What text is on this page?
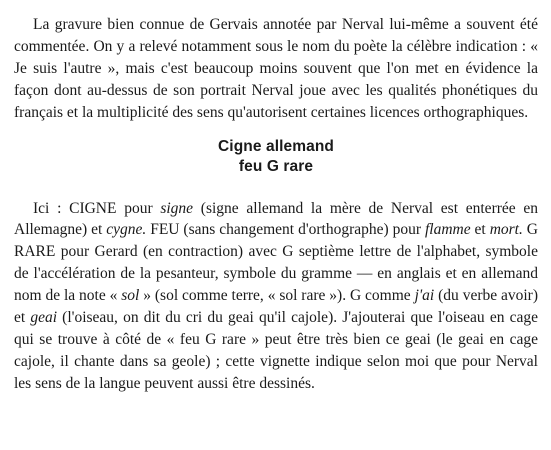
La gravure bien connue de Gervais annotée par Nerval lui-même a souvent été commentée. On y a relevé notamment sous le nom du poète la célèbre indication : « Je suis l'autre », mais c'est beaucoup moins souvent que l'on met en évidence la façon dont au-dessus de son portrait Nerval joue avec les qualités phonétiques du français et la multiplicité des sens qu'autorisent certaines licences orthographiques.

Cigne allemand
feu G rare

Ici : CIGNE pour signe (signe allemand la mère de Nerval est enterrée en Allemagne) et cygne. FEU (sans changement d'orthographe) pour flamme et mort. G RARE pour Gerard (en contraction) avec G septième lettre de l'alphabet, symbole de l'accélération de la pesanteur, symbole du gramme — en anglais et en allemand nom de la note « sol » (sol comme terre, « sol rare »). G comme j'ai (du verbe avoir) et geai (l'oiseau, on dit du cri du geai qu'il cajole). J'ajouterai que l'oiseau en cage qui se trouve à côté de « feu G rare » peut être très bien ce geai (le geai en cage cajole, il chante dans sa geole) ; cette vignette indique selon moi que pour Nerval les sens de la langue peuvent aussi être dessinés.
